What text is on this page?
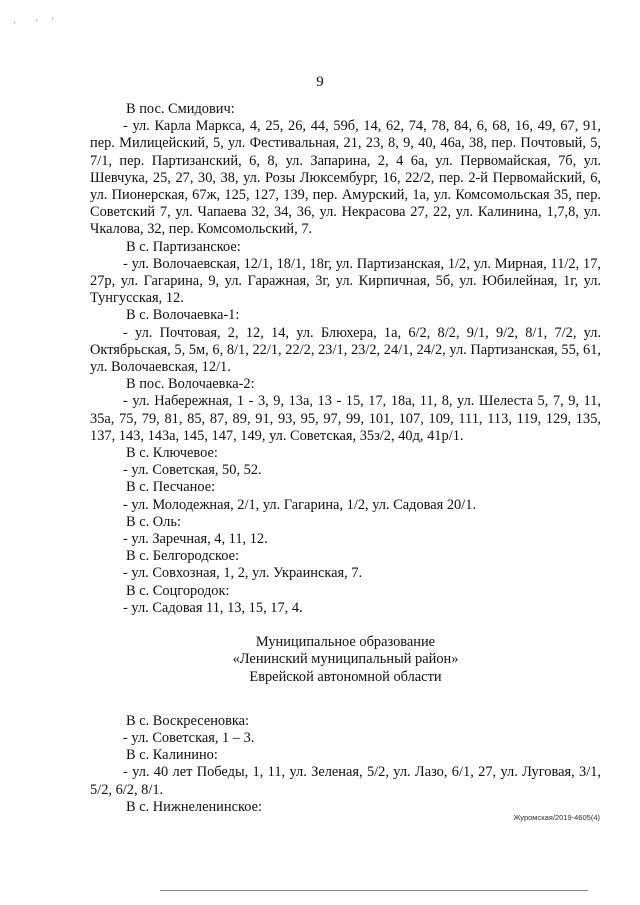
' ' '
9

В пос. Смидович:

- ул. Карла Маркса, 4, 25, 26, 44, 59б, 14, 62, 74, 78, 84, 6, 68, 16, 49, 67, 91, пер. Милицейский, 5, ул. Фестивальная, 21, 23, 8, 9, 40, 46а, 38, пер. Почтовый, 5, 7/1, пер. Партизанский, 6, 8, ул. Запарина, 2, 4 6а, ул. Первомайская, 7б, ул. Шевчука, 25, 27, 30, 38, ул. Розы Люксембург, 16, 22/2, пер. 2-й Первомайский, 6, ул. Пионерская, 67ж, 125, 127, 139, пер. Амурский, 1а, ул. Комсомольская 35, пер. Советский 7, ул. Чапаева 32, 34, 36, ул. Некрасова 27, 22, ул. Калинина, 1,7,8, ул. Чкалова, 32, пер. Комсомольский, 7.

В с. Партизанское:

- ул. Волочаевская, 12/1, 18/1, 18г, ул. Партизанская, 1/2, ул. Мирная, 11/2, 17, 27р, ул. Гагарина, 9, ул. Гаражная, 3г, ул. Кирпичная, 5б, ул. Юбилейная, 1г, ул. Тунгусская, 12.

В с. Волочаевка-1:

- ул. Почтовая, 2, 12, 14, ул. Блюхера, 1а, 6/2, 8/2, 9/1, 9/2, 8/1, 7/2, ул. Октябрьская, 5, 5м, 6, 8/1, 22/1, 22/2, 23/1, 23/2, 24/1, 24/2, ул. Партизанская, 55, 61, ул. Волочаевская, 12/1.

В пос. Волочаевка-2:

- ул. Набережная, 1 - 3, 9, 13а, 13 - 15, 17, 18а, 11, 8, ул. Шелеста 5, 7, 9, 11, 35а, 75, 79, 81, 85, 87, 89, 91, 93, 95, 97, 99, 101, 107, 109, 111, 113, 119, 129, 135, 137, 143, 143а, 145, 147, 149, ул. Советская, 35з/2, 40д, 41р/1.

В с. Ключевое:

- ул. Советская, 50, 52.

В с. Песчаное:

- ул. Молодежная, 2/1, ул. Гагарина, 1/2, ул. Садовая 20/1.

В с. Оль:

- ул. Заречная, 4, 11, 12.

В с. Белгородское:

- ул. Совхозная, 1, 2, ул. Украинская, 7.

В с. Соцгородок:

- ул. Садовая 11, 13, 15, 17, 4.

Муниципальное образование

«Ленинский муниципальный район»

Еврейской автономной области

В с. Воскресеновка:

- ул. Советская, 1 – 3.

В с. Калинино:

- ул. 40 лет Победы, 1, 11, ул. Зеленая, 5/2, ул. Лазо, 6/1, 27, ул. Луговая, 3/1, 5/2, 6/2, 8/1.

В с. Нижнеленинское:

Журомская/2019-4605(4)
